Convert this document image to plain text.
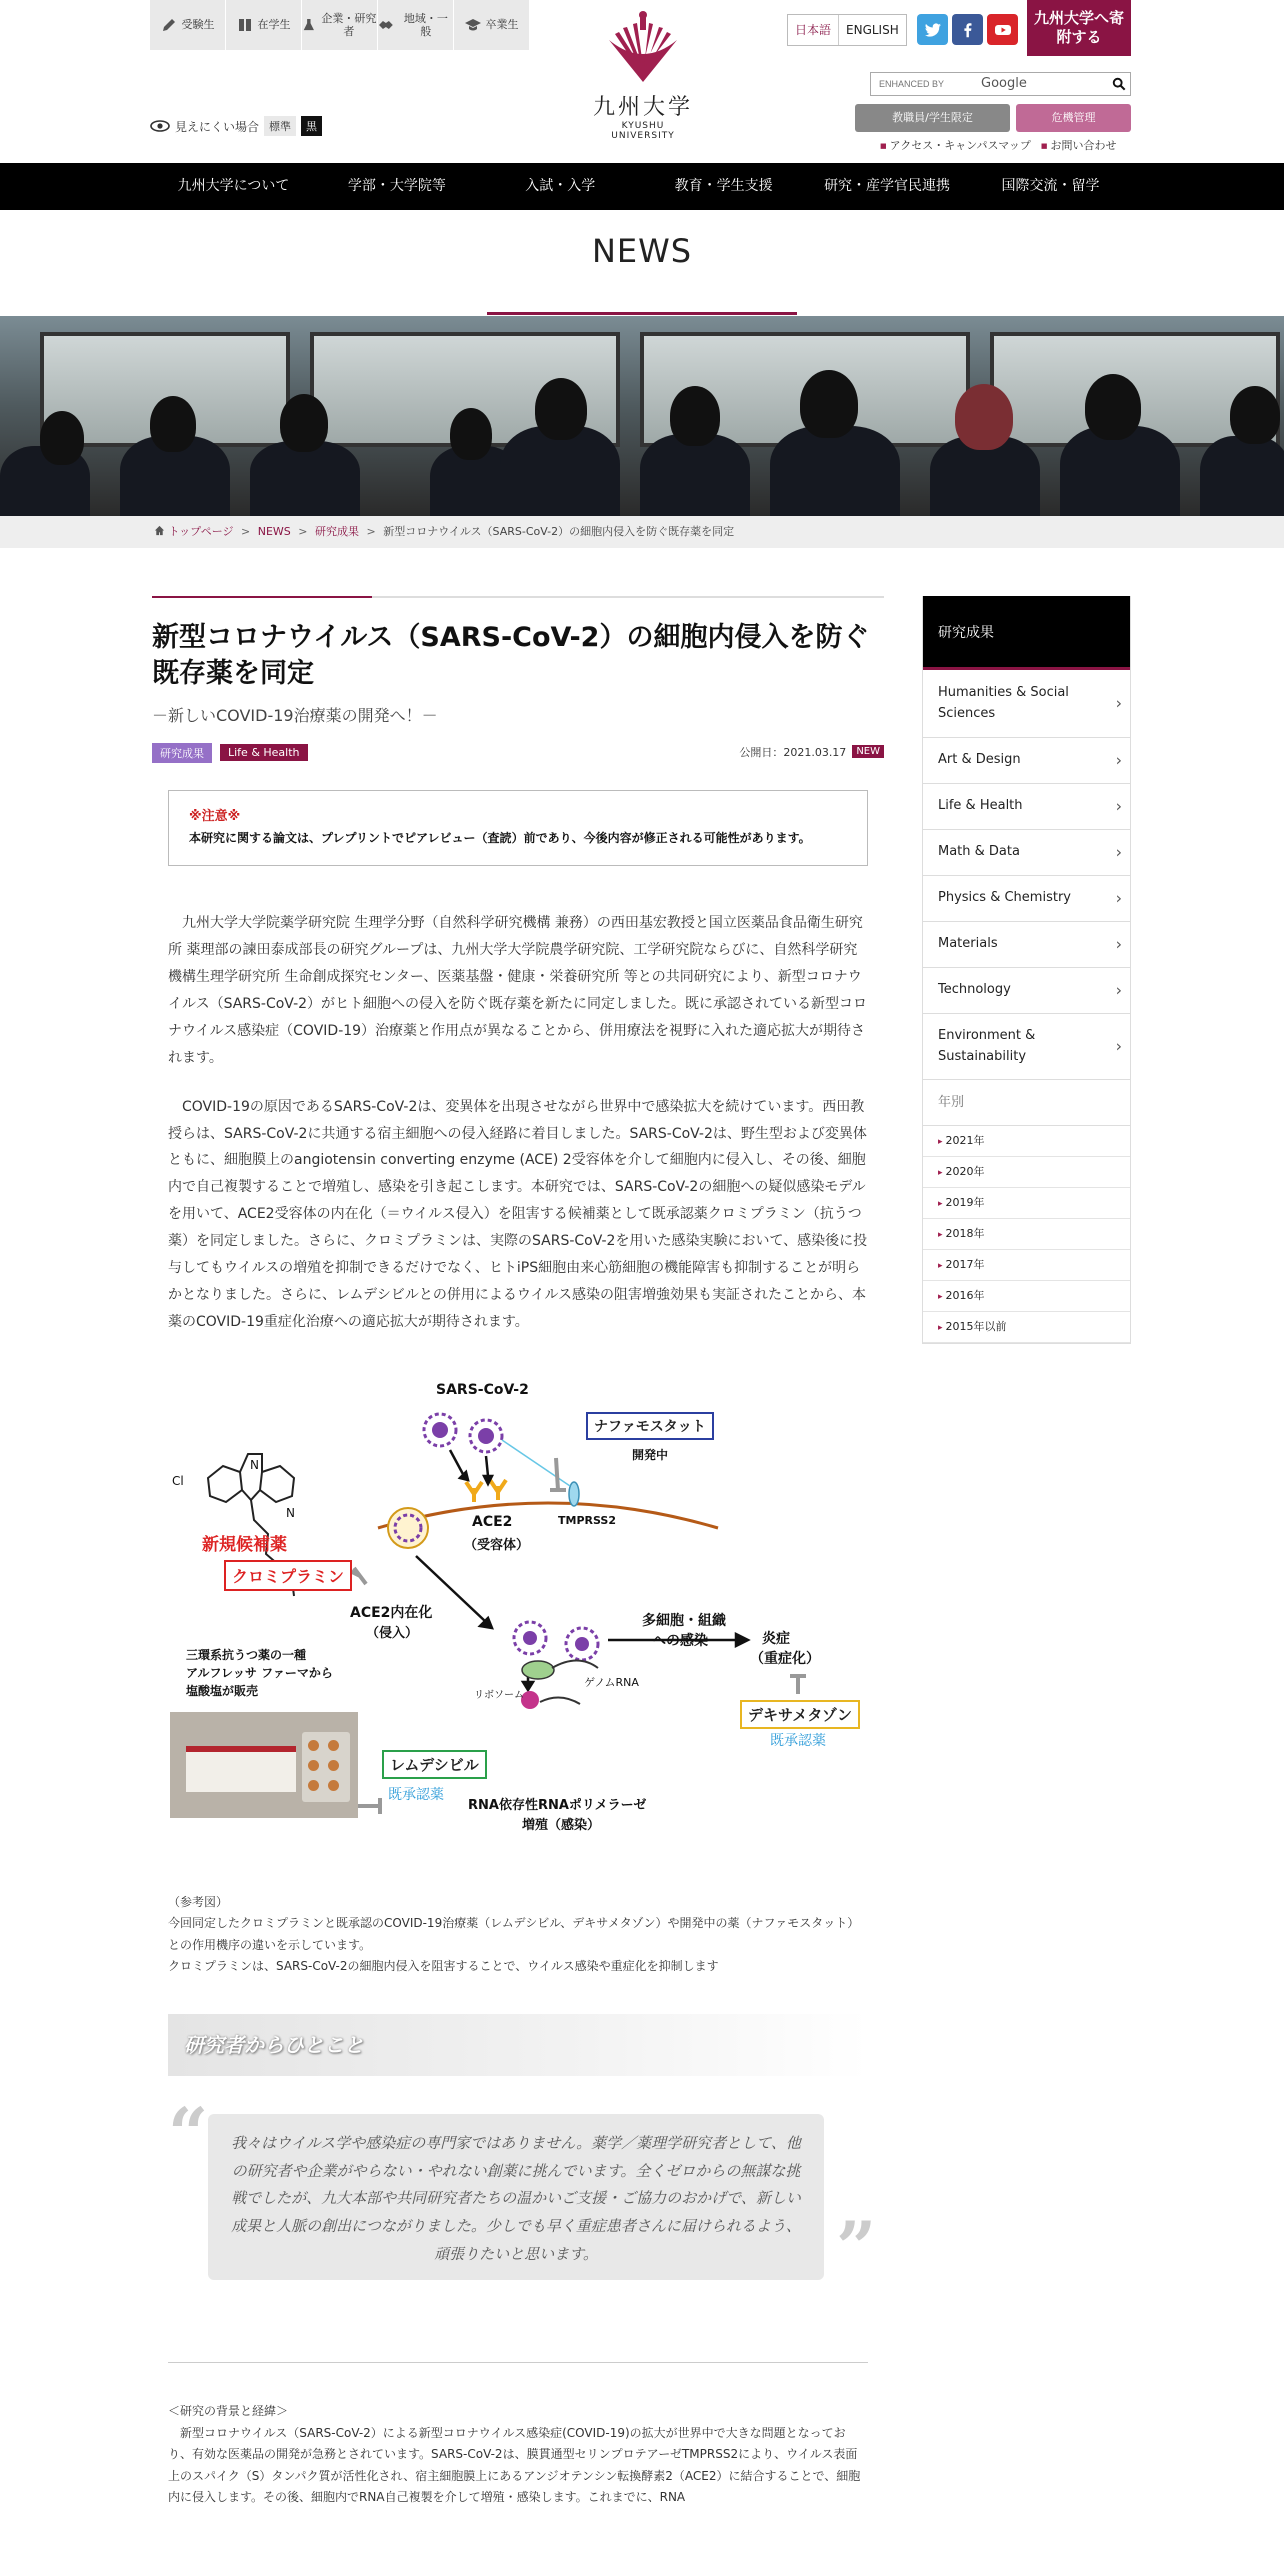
受験生	在学生
企業・研究者
地域・一般
卒業生
見えにくい場合 標準	黒
九州大学
KYUSHU UNIVERSITY
日本語	ENGLISH
九州大学へ寄附する
ENHANCED BY
Google
教職員/学生限定	危機管理
■ アクセス・キャンパスマップ	■ お問い合わせ
九州大学について	学部・大学院等	入試・入学	教育・学生支援	研究・産学官民連携	国際交流・留学
NEWS
トップページ > NEWS > 研究成果 > 新型コロナウイルス（SARS-CoV-2）の細胞内侵入を防ぐ既存薬を同定
新型コロナウイルス（SARS-CoV-2）の細胞内侵入を防ぐ既存薬を同定
－新しいCOVID-19治療薬の開発へ！－
研究成果	Life & Health	公開日：2021.03.17	NEW
※注意※
本研究に関する論文は、プレプリントでピアレビュー（査読）前であり、今後内容が修正される可能性があります。

九州大学大学院薬学研究院 生理学分野（自然科学研究機構 兼務）の西田基宏教授と国立医薬品食品衛生研究所 薬理部の諫田泰成部長の研究グループは、九州大学大学院農学研究院、工学研究院ならびに、自然科学研究機構生理学研究所 生命創成探究センター、医薬基盤・健康・栄養研究所 等との共同研究により、新型コロナウイルス（SARS-CoV-2）がヒト細胞への侵入を防ぐ既存薬を新たに同定しました。既に承認されている新型コロナウイルス感染症（COVID-19）治療薬と作用点が異なることから、併用療法を視野に入れた適応拡大が期待されます。

COVID-19の原因であるSARS-CoV-2は、変異体を出現させながら世界中で感染拡大を続けています。西田教授らは、SARS-CoV-2に共通する宿主細胞への侵入経路に着目しました。SARS-CoV-2は、野生型および変異体ともに、細胞膜上のangiotensin converting enzyme (ACE) 2受容体を介して細胞内に侵入し、その後、細胞内で自己複製することで増殖し、感染を引き起こします。本研究では、SARS-CoV-2の細胞への疑似感染モデルを用いて、ACE2受容体の内在化（＝ウイルス侵入）を阻害する候補薬として既承認薬クロミプラミン（抗うつ薬）を同定しました。さらに、クロミプラミンは、実際のSARS-CoV-2を用いた感染実験において、感染後に投与してもウイルスの増殖を抑制できるだけでなく、ヒトiPS細胞由来心筋細胞の機能障害も抑制することが明らかとなりました。さらに、レムデシビルとの併用によるウイルス感染の阻害増強効果も実証されたことから、本薬のCOVID-19重症化治療への適応拡大が期待されます。

Cl
N
N
SARS-CoV-2
ナファモスタット
開発中
TMPRSS2
ACE2
（受容体）
新規候補薬
クロミプラミン
ACE2内在化
（侵入）
三環系抗うつ薬の一種
アルフレッサ ファーマから
塩酸塩が販売
多細胞・組織
への感染	炎症
（重症化）
リボソーム
ゲノムRNA
デキサメタゾン
既承認薬
レムデシビル
既承認薬
RNA依存性RNAポリメラーゼ
増殖（感染）
（参考図）
今回同定したクロミプラミンと既承認のCOVID-19治療薬（レムデシビル、デキサメタゾン）や開発中の薬（ナファモスタット）との作用機序の違いを示しています。
クロミプラミンは、SARS-CoV-2の細胞内侵入を阻害することで、ウイルス感染や重症化を抑制します
研究者からひとこと
“	我々はウイルス学や感染症の専門家ではありません。薬学／薬理学研究者として、他の研究者や企業がやらない・やれない創薬に挑んでいます。全くゼロからの無謀な挑戦でしたが、九大本部や共同研究者たちの温かいご支援・ご協力のおかげで、新しい成果と人脈の創出につながりました。少しでも早く重症患者さんに届けられるよう、頑張りたいと思います。	”
＜研究の背景と経緯＞
新型コロナウイルス（SARS-CoV-2）による新型コロナウイルス感染症(COVID-19)の拡大が世界中で大きな問題となっており、有効な医薬品の開発が急務とされています。SARS-CoV-2は、膜貫通型セリンプロテアーゼTMPRSS2により、ウイルス表面上のスパイク（S）タンパク質が活性化され、宿主細胞膜上にあるアンジオテンシン転換酵素2（ACE2）に結合することで、細胞内に侵入します。その後、細胞内でRNA自己複製を介して増殖・感染します。これまでに、RNA
研究成果
Humanities & Social Sciences ›
Art & Design ›
Life & Health ›
Math & Data ›
Physics & Chemistry ›
Materials ›
Technology ›
Environment & Sustainability ›
年別
▸ 2021年
▸ 2020年
▸ 2019年
▸ 2018年
▸ 2017年
▸ 2016年
▸ 2015年以前
